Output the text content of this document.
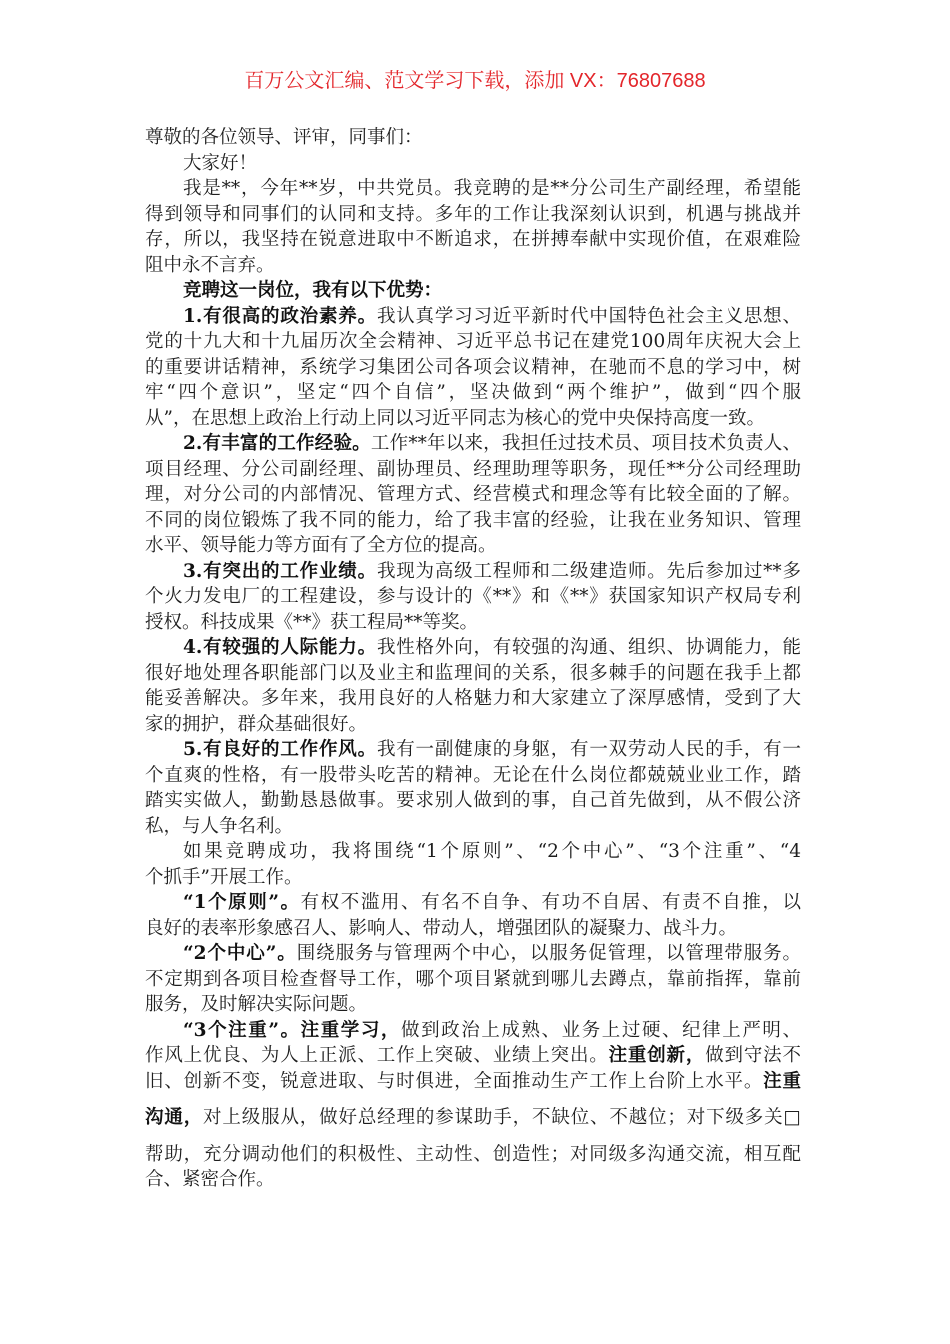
百万公文汇编、范文学习下载，添加 VX：76807688
尊敬的各位领导、评审，同事们：
大家好！
我是**，今年**岁，中共党员。我竞聘的是**分公司生产副经理，希望能
得到领导和同事们的认同和支持。多年的工作让我深刻认识到，机遇与挑战并
存，所以，我坚持在锐意进取中不断追求，在拼搏奉献中实现价值，在艰难险
阻中永不言弃。
竞聘这一岗位，我有以下优势：
1.有很高的政治素养。我认真学习习近平新时代中国特色社会主义思想、
党的十九大和十九届历次全会精神、习近平总书记在建党100周年庆祝大会上
的重要讲话精神，系统学习集团公司各项会议精神，在驰而不息的学习中，树
牢“四个意识”，坚定“四个自信”，坚决做到“两个维护”，做到“四个服
从”，在思想上政治上行动上同以习近平同志为核心的党中央保持高度一致。
2.有丰富的工作经验。工作**年以来，我担任过技术员、项目技术负责人、
项目经理、分公司副经理、副协理员、经理助理等职务，现任**分公司经理助
理，对分公司的内部情况、管理方式、经营模式和理念等有比较全面的了解。
不同的岗位锻炼了我不同的能力，给了我丰富的经验，让我在业务知识、管理
水平、领导能力等方面有了全方位的提高。
3.有突出的工作业绩。我现为高级工程师和二级建造师。先后参加过**多
个火力发电厂的工程建设，参与设计的《**》和《**》获国家知识产权局专利
授权。科技成果《**》获工程局**等奖。
4.有较强的人际能力。我性格外向，有较强的沟通、组织、协调能力，能
很好地处理各职能部门以及业主和监理间的关系，很多棘手的问题在我手上都
能妥善解决。多年来，我用良好的人格魅力和大家建立了深厚感情，受到了大
家的拥护，群众基础很好。
5.有良好的工作作风。我有一副健康的身躯，有一双劳动人民的手，有一
个直爽的性格，有一股带头吃苦的精神。无论在什么岗位都兢兢业业工作，踏
踏实实做人，勤勤恳恳做事。要求别人做到的事，自己首先做到，从不假公济
私，与人争名利。
如果竞聘成功，我将围绕“1个原则”、“2个中心”、“3个注重”、“4
个抓手”开展工作。
“1个原则”。有权不滥用、有名不自争、有功不自居、有责不自推，以
良好的表率形象感召人、影响人、带动人，增强团队的凝聚力、战斗力。
“2个中心”。围绕服务与管理两个中心，以服务促管理，以管理带服务。
不定期到各项目检查督导工作，哪个项目紧就到哪儿去蹲点，靠前指挥，靠前
服务，及时解决实际问题。
“3个注重”。注重学习，做到政治上成熟、业务上过硬、纪律上严明、
作风上优良、为人上正派、工作上突破、业绩上突出。注重创新，做到守法不
旧、创新不变，锐意进取、与时俱进，全面推动生产工作上台阶上水平。注重
沟通，对上级服从，做好总经理的参谋助手，不缺位、不越位；对下级多关□
帮助，充分调动他们的积极性、主动性、创造性；对同级多沟通交流，相互配
合、紧密合作。
